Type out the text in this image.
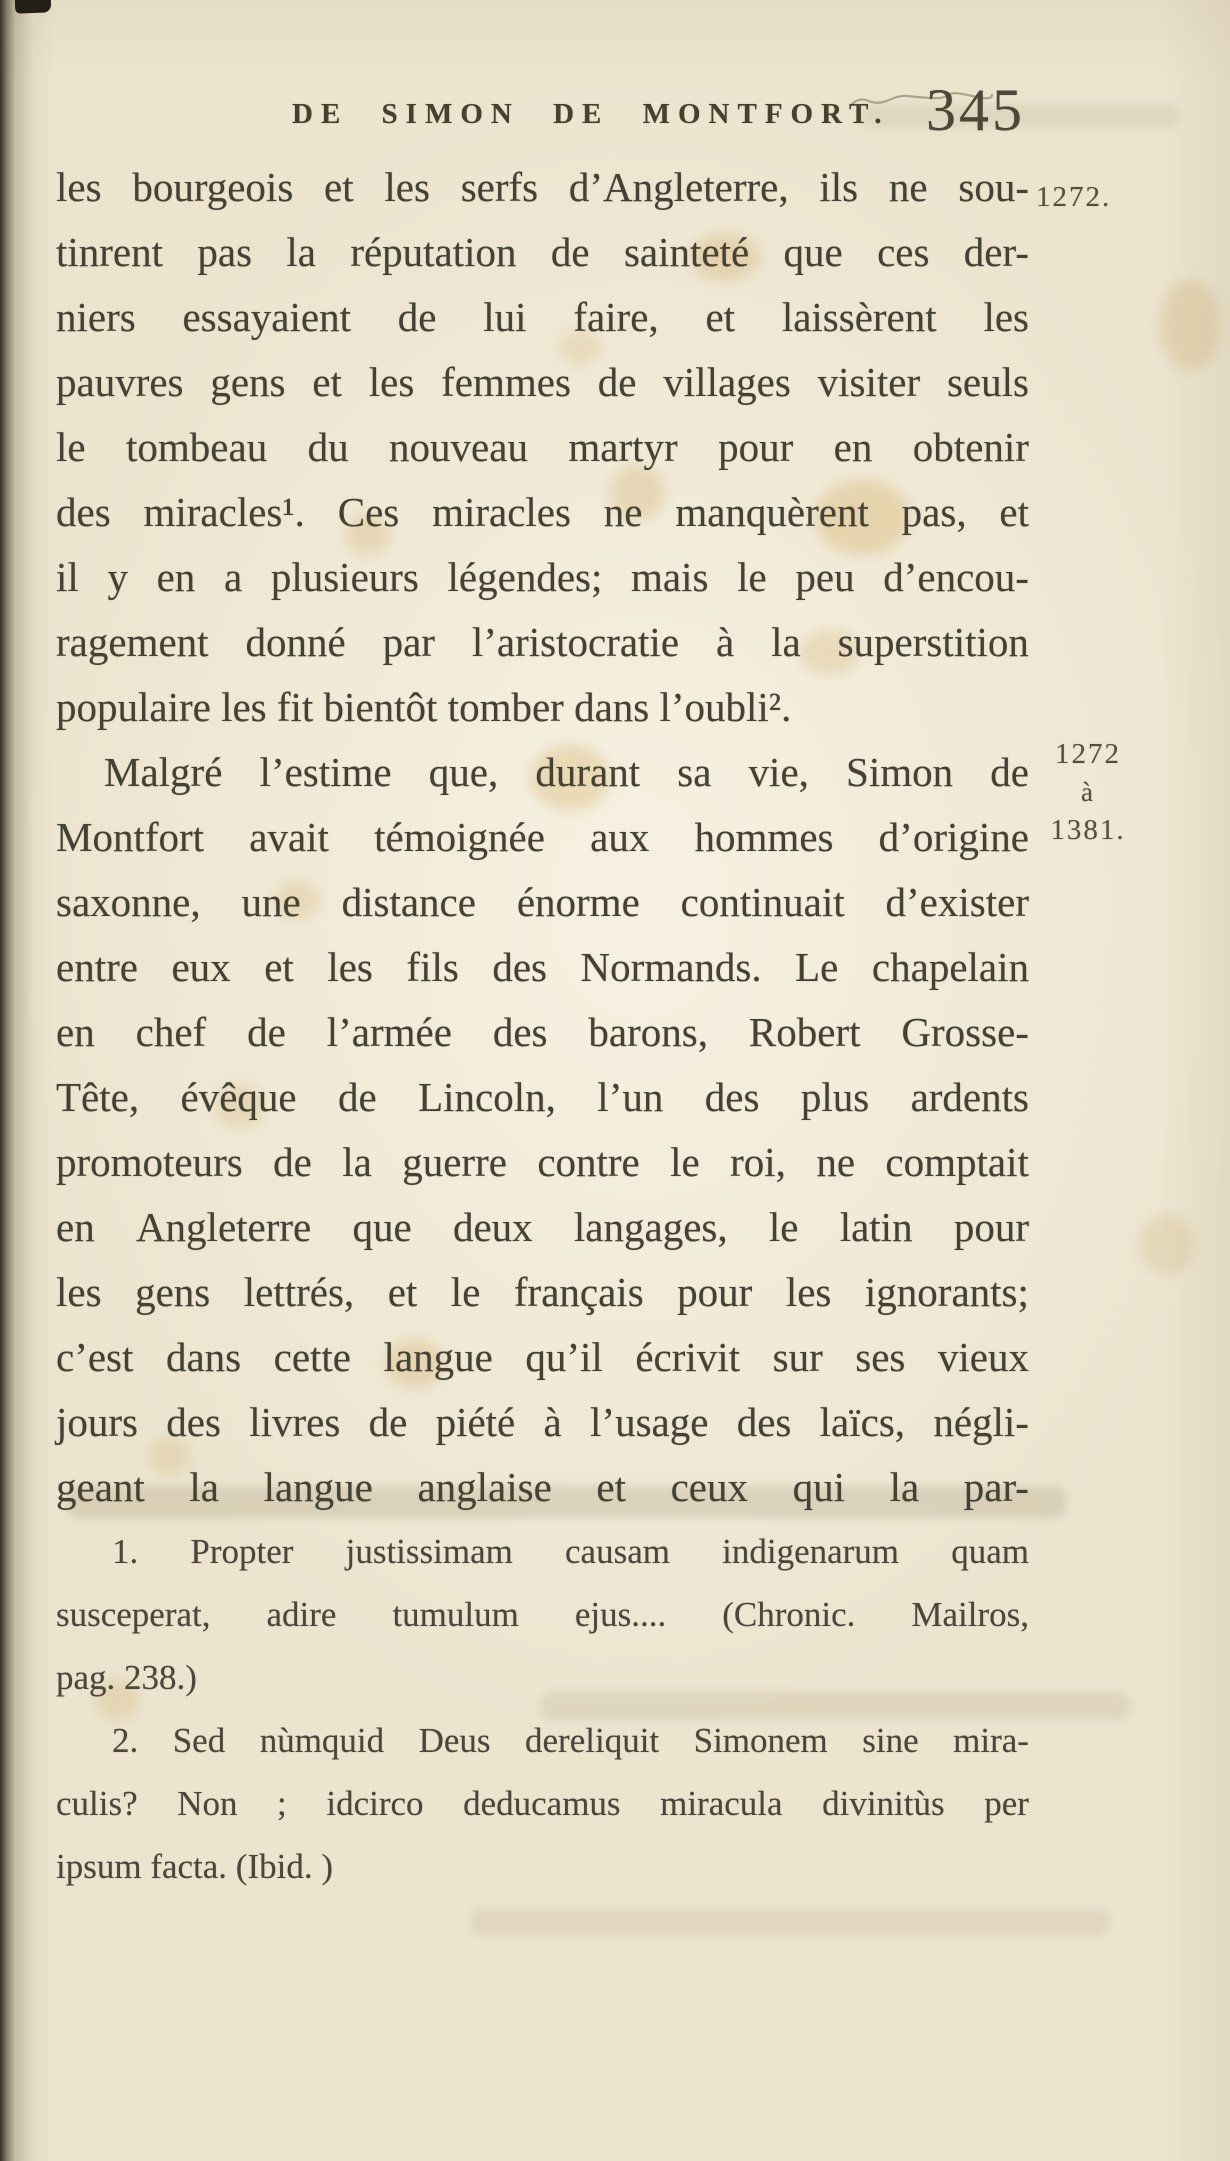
DE SIMON DE MONTFORT. 345
les bourgeois et les serfs d’Angleterre, ils ne sou-
tinrent pas la réputation de sainteté que ces der-
niers essayaient de lui faire, et laissèrent les
pauvres gens et les femmes de villages visiter seuls
le tombeau du nouveau martyr pour en obtenir
des miracles¹. Ces miracles ne manquèrent pas, et
il y en a plusieurs légendes; mais le peu d’encou-
ragement donné par l’aristocratie à la superstition
populaire les fit bientôt tomber dans l’oubli².
Malgré l’estime que, durant sa vie, Simon de
Montfort avait témoignée aux hommes d’origine
saxonne, une distance énorme continuait d’exister
entre eux et les fils des Normands. Le chapelain
en chef de l’armée des barons, Robert Grosse-
Tête, évêque de Lincoln, l’un des plus ardents
promoteurs de la guerre contre le roi, ne comptait
en Angleterre que deux langages, le latin pour
les gens lettrés, et le français pour les ignorants;
c’est dans cette langue qu’il écrivit sur ses vieux
jours des livres de piété à l’usage des laïcs, négli-
geant la langue anglaise et ceux qui la par-
1272.
1272
à
1381.
1. Propter justissimam causam indigenarum quam
susceperat, adire tumulum ejus.... (Chronic. Mailros,
pag. 238.)
2. Sed nùmquid Deus dereliquit Simonem sine mira-
culis? Non ; idcirco deducamus miracula divinitùs per
ipsum facta. (Ibid. )
